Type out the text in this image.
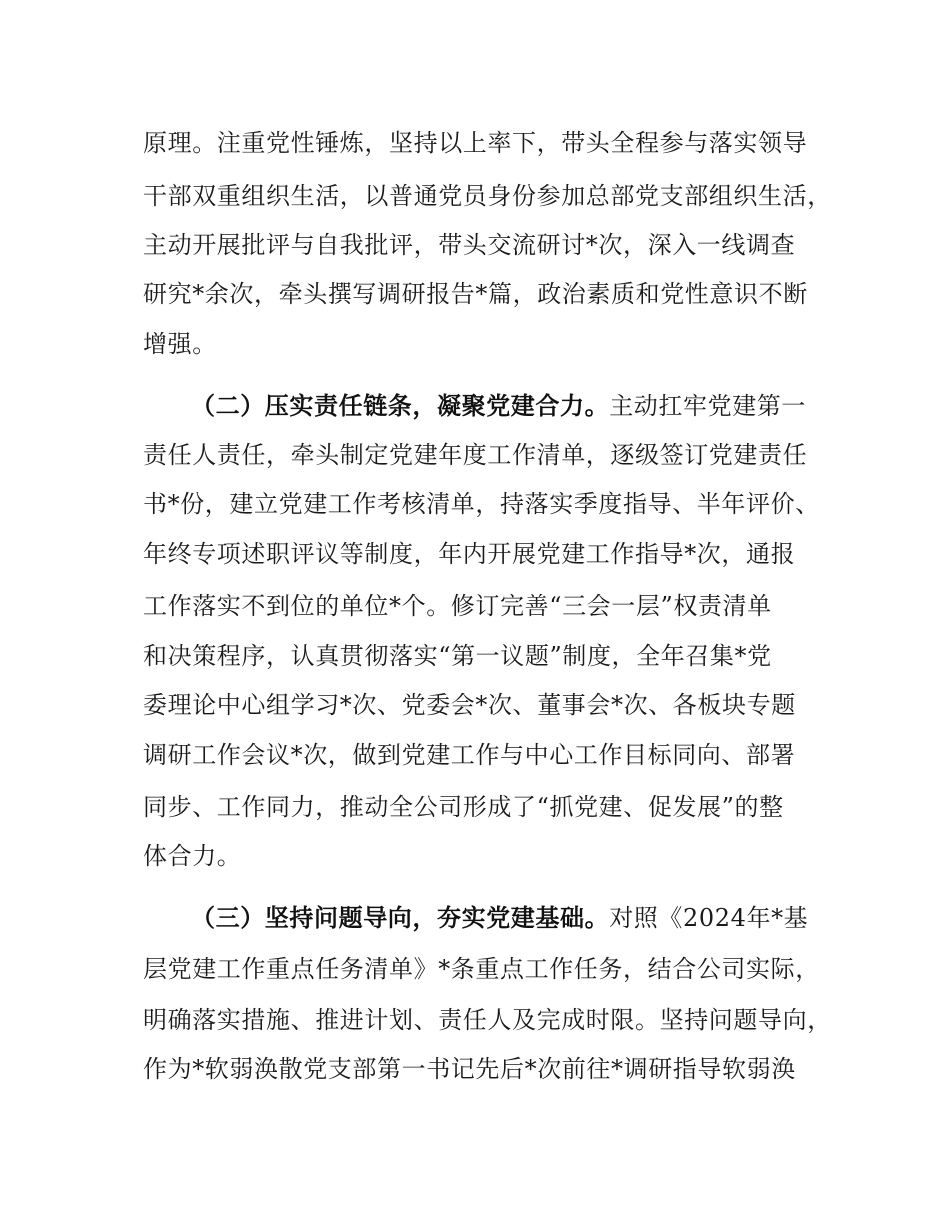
原理。注重党性锤炼，坚持以上率下，带头全程参与落实领导
干部双重组织生活，以普通党员身份参加总部党支部组织生活，
主动开展批评与自我批评，带头交流研讨*次，深入一线调查
研究*余次，牵头撰写调研报告*篇，政治素质和党性意识不断
增强。
（二）压实责任链条，凝聚党建合力。主动扛牢党建第一
责任人责任，牵头制定党建年度工作清单，逐级签订党建责任
书*份，建立党建工作考核清单，持落实季度指导、半年评价、
年终专项述职评议等制度，年内开展党建工作指导*次，通报
工作落实不到位的单位*个。修订完善“三会一层”权责清单
和决策程序，认真贯彻落实“第一议题”制度，全年召集*党
委理论中心组学习*次、党委会*次、董事会*次、各板块专题
调研工作会议*次，做到党建工作与中心工作目标同向、部署
同步、工作同力，推动全公司形成了“抓党建、促发展”的整
体合力。
（三）坚持问题导向，夯实党建基础。对照《2024年*基
层党建工作重点任务清单》*条重点工作任务，结合公司实际，
明确落实措施、推进计划、责任人及完成时限。坚持问题导向，
作为*软弱涣散党支部第一书记先后*次前往*调研指导软弱涣
